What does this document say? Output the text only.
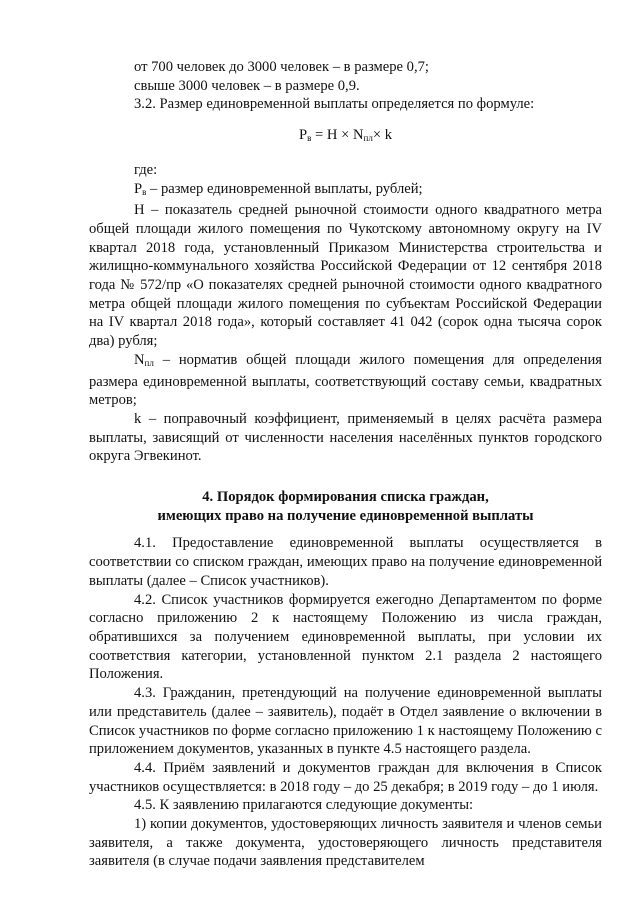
от 700 человек до 3000 человек – в размере 0,7;

свыше 3000 человек – в размере 0,9.

3.2. Размер единовременной выплаты определяется по формуле:

$Р_в = Н \times N_{пл}\times k$

где:

$Р_в$ – размер единовременной выплаты, рублей;

Н – показатель средней рыночной стоимости одного квадратного метра общей площади жилого помещения по Чукотскому автономному округу на IV квартал 2018 года, установленный Приказом Министерства строительства и жилищно-коммунального хозяйства Российской Федерации от 12 сентября 2018 года № 572/пр «О показателях средней рыночной стоимости одного квадратного метра общей площади жилого помещения по субъектам Российской Федерации на IV квартал 2018 года», который составляет 41 042 (сорок одна тысяча сорок два) рубля;

$N_{пл}$ – норматив общей площади жилого помещения для определения размера единовременной выплаты, соответствующий составу семьи, квадратных метров;

k – поправочный коэффициент, применяемый в целях расчёта размера выплаты, зависящий от численности населения населённых пунктов городского округа Эгвекинот.

4. Порядок формирования списка граждан,
имеющих право на получение единовременной выплаты

4.1. Предоставление единовременной выплаты осуществляется в соответствии со списком граждан, имеющих право на получение единовременной выплаты (далее – Список участников).

4.2. Список участников формируется ежегодно Департаментом по форме согласно приложению 2 к настоящему Положению из числа граждан, обратившихся за получением единовременной выплаты, при условии их соответствия категории, установленной пунктом 2.1 раздела 2 настоящего Положения.

4.3. Гражданин, претендующий на получение единовременной выплаты или представитель (далее – заявитель), подаёт в Отдел заявление о включении в Список участников по форме согласно приложению 1 к настоящему Положению с приложением документов, указанных в пункте 4.5 настоящего раздела.

4.4. Приём заявлений и документов граждан для включения в Список участников осуществляется: в 2018 году – до 25 декабря; в 2019 году – до 1 июля.

4.5. К заявлению прилагаются следующие документы:

1) копии документов, удостоверяющих личность заявителя и членов семьи заявителя, а также документа, удостоверяющего личность представителя заявителя (в случае подачи заявления представителем
